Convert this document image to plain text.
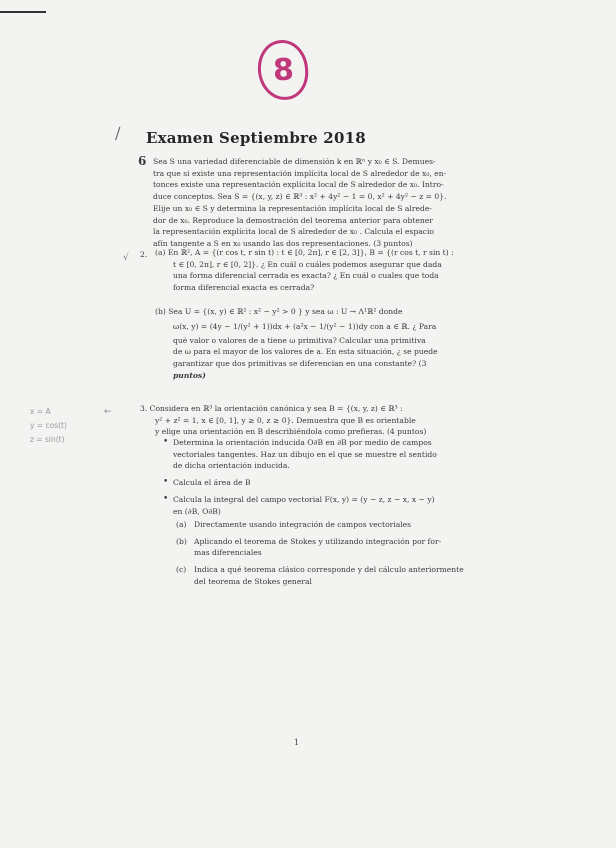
8
Examen Septiembre 2018
6 Sea S una variedad diferenciable de dimensión k en ℝⁿ y x₀ ∈ S. Demues-

tra que si existe una representación implícita local de S alrededor de x₀, en-

tonces existe una representación explícita local de S alrededor de x₀. Intro-

duce conceptos. Sea S = {(x, y, z) ∈ ℝ³ : x² + 4y² − 1 = 0, x² + 4y² − z = 0}.

Elije un x₀ ∈ S y determina la representación implícita local de S alrede-

dor de x₀. Reproduce la demostración del teorema anterior para obtener

la representación explícita local de S alrededor de x₀ . Calcula el espacio

afín tangente a S en x₀ usando las dos representaciones. (3 puntos)

√ 2. (a) En ℝ², A = {(r cos t, r sin t) : t ∈ [0, 2π], r ∈ [2, 3]}, B = {(r cos t, r sin t) :

t ∈ [0, 2π], r ∈ [0, 2]}. ¿ En cuál o cuáles podemos asegurar que dada

una forma diferencial cerrada es exacta? ¿ En cuál o cuales que toda

forma diferencial exacta es cerrada?

(b) Sea U = {(x, y) ∈ ℝ² : x² − y² > 0 } y sea ω : U → Λ¹ℝ² donde

ω(x, y) = (4y − 1/(y² + 1))dx + (a²x − 1/(y² − 1))dy con a ∈ ℝ. ¿ Para

qué valor o valores de a tiene ω primitiva? Calcular una primitiva

de ω para el mayor de los valores de a. En esta situación, ¿ se puede

garantizar que dos primitivas se diferencian en una constante? (3

puntos)

x = A

y = cos(t)

z = sin(t)

←	3. Considera en ℝ³ la orientación canónica y sea B = {(x, y, z) ∈ ℝ³ :

y² + z² = 1, x ∈ [0, 1], y ≥ 0, z ≥ 0}. Demuestra que B es orientable

y elige una orientación en B describiéndola como prefieras. (4 puntos)

• Determina la orientación inducida O∂B en ∂B por medio de campos

vectoriales tangentes. Haz un dibujo en el que se muestre el sentido

de dicha orientación inducida.

• Calcula el área de B

• Calcula la integral del campo vectorial F(x, y) = (y − z, z − x, x − y)

en (∂B, O∂B)

(a) Directamente usando integración de campos vectoriales

(b) Aplicando el teorema de Stokes y utilizando integración por for-

mas diferenciales

(c)	Indica a qué teorema clásico corresponde y del cálculo anteriormente

del teorema de Stokes general

1
